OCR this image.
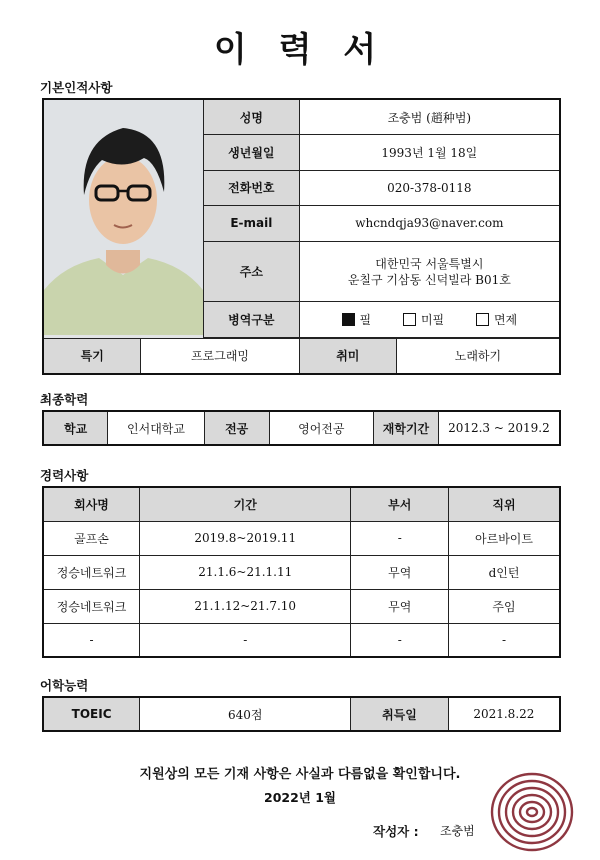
이 력 서
기본인적사항
	성명	조충범 (趙种범)	
		생년월일	1993년 1월 18일	
		전화번호	020-378-0118	
		E-mail	whcndqja93@naver.com	
		주소	대한민국 서울특별시
운칠구 기삼동 신덕빌라 B01호	

		병역구분	필 미필 면제	

특기	프로그래밍		취미	노래하기
최종학력
학교	인서대학교	전공	영어전공	재학기간	2012.3 ~ 2019.2
경력사항
회사명	기간	부서	직위
골프손	2019.8~2019.11	-	아르바이트
정승네트워크	21.1.6~21.1.11	무역	d인턴
정승네트워크	21.1.12~21.7.10	무역	주임
-	-	-	-
어학능력
TOEIC	640점	취득일	2021.8.22
지원상의 모든 기재 사항은 사실과 다름없을 확인합니다.
2022년 1월
작성자 : 조충범
